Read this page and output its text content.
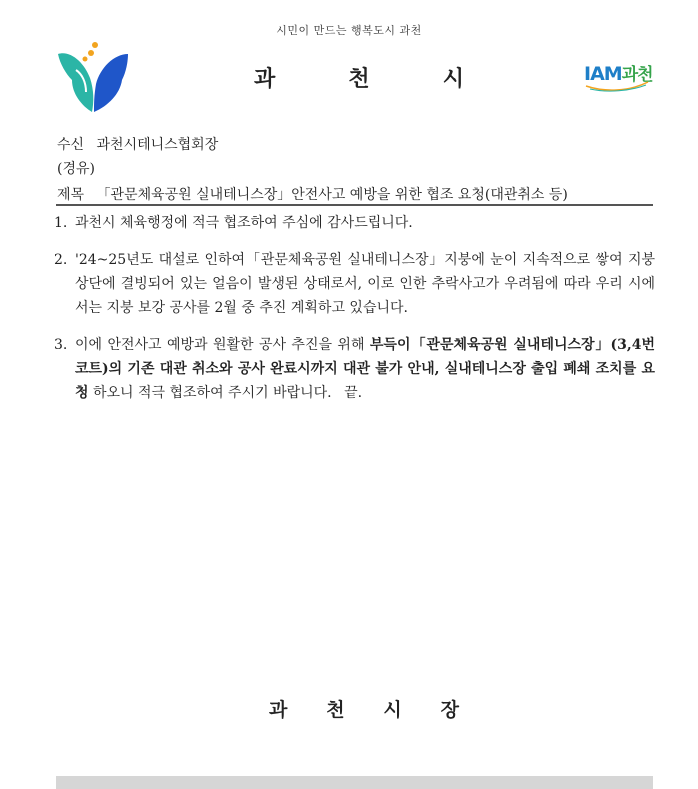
시민이 만드는 행복도시 과천
과	천	시	IAM과천
수신 과천시테니스협회장
(경유)
제목 「관문체육공원 실내테니스장」안전사고 예방을 위한 협조 요청(대관취소 등)
1. 과천시 체육행정에 적극 협조하여 주심에 감사드립니다.
2. '24~25년도 대설로 인하여「관문체육공원 실내테니스장」지붕에 눈이 지속적으로 쌓여 지붕 상단에 결빙되어 있는 얼음이 발생된 상태로서, 이로 인한 추락사고가 우려됨에 따라 우리 시에서는 지붕 보강 공사를 2월 중 추진 계획하고 있습니다.
3. 이에 안전사고 예방과 원활한 공사 추진을 위해 부득이「관문체육공원 실내테니스장」(3,4번 코트)의 기존 대관 취소와 공사 완료시까지 대관 불가 안내, 실내테니스장 출입 폐쇄 조치를 요청 하오니 적극 협조하여 주시기 바랍니다. 끝.
과 천 시 장
